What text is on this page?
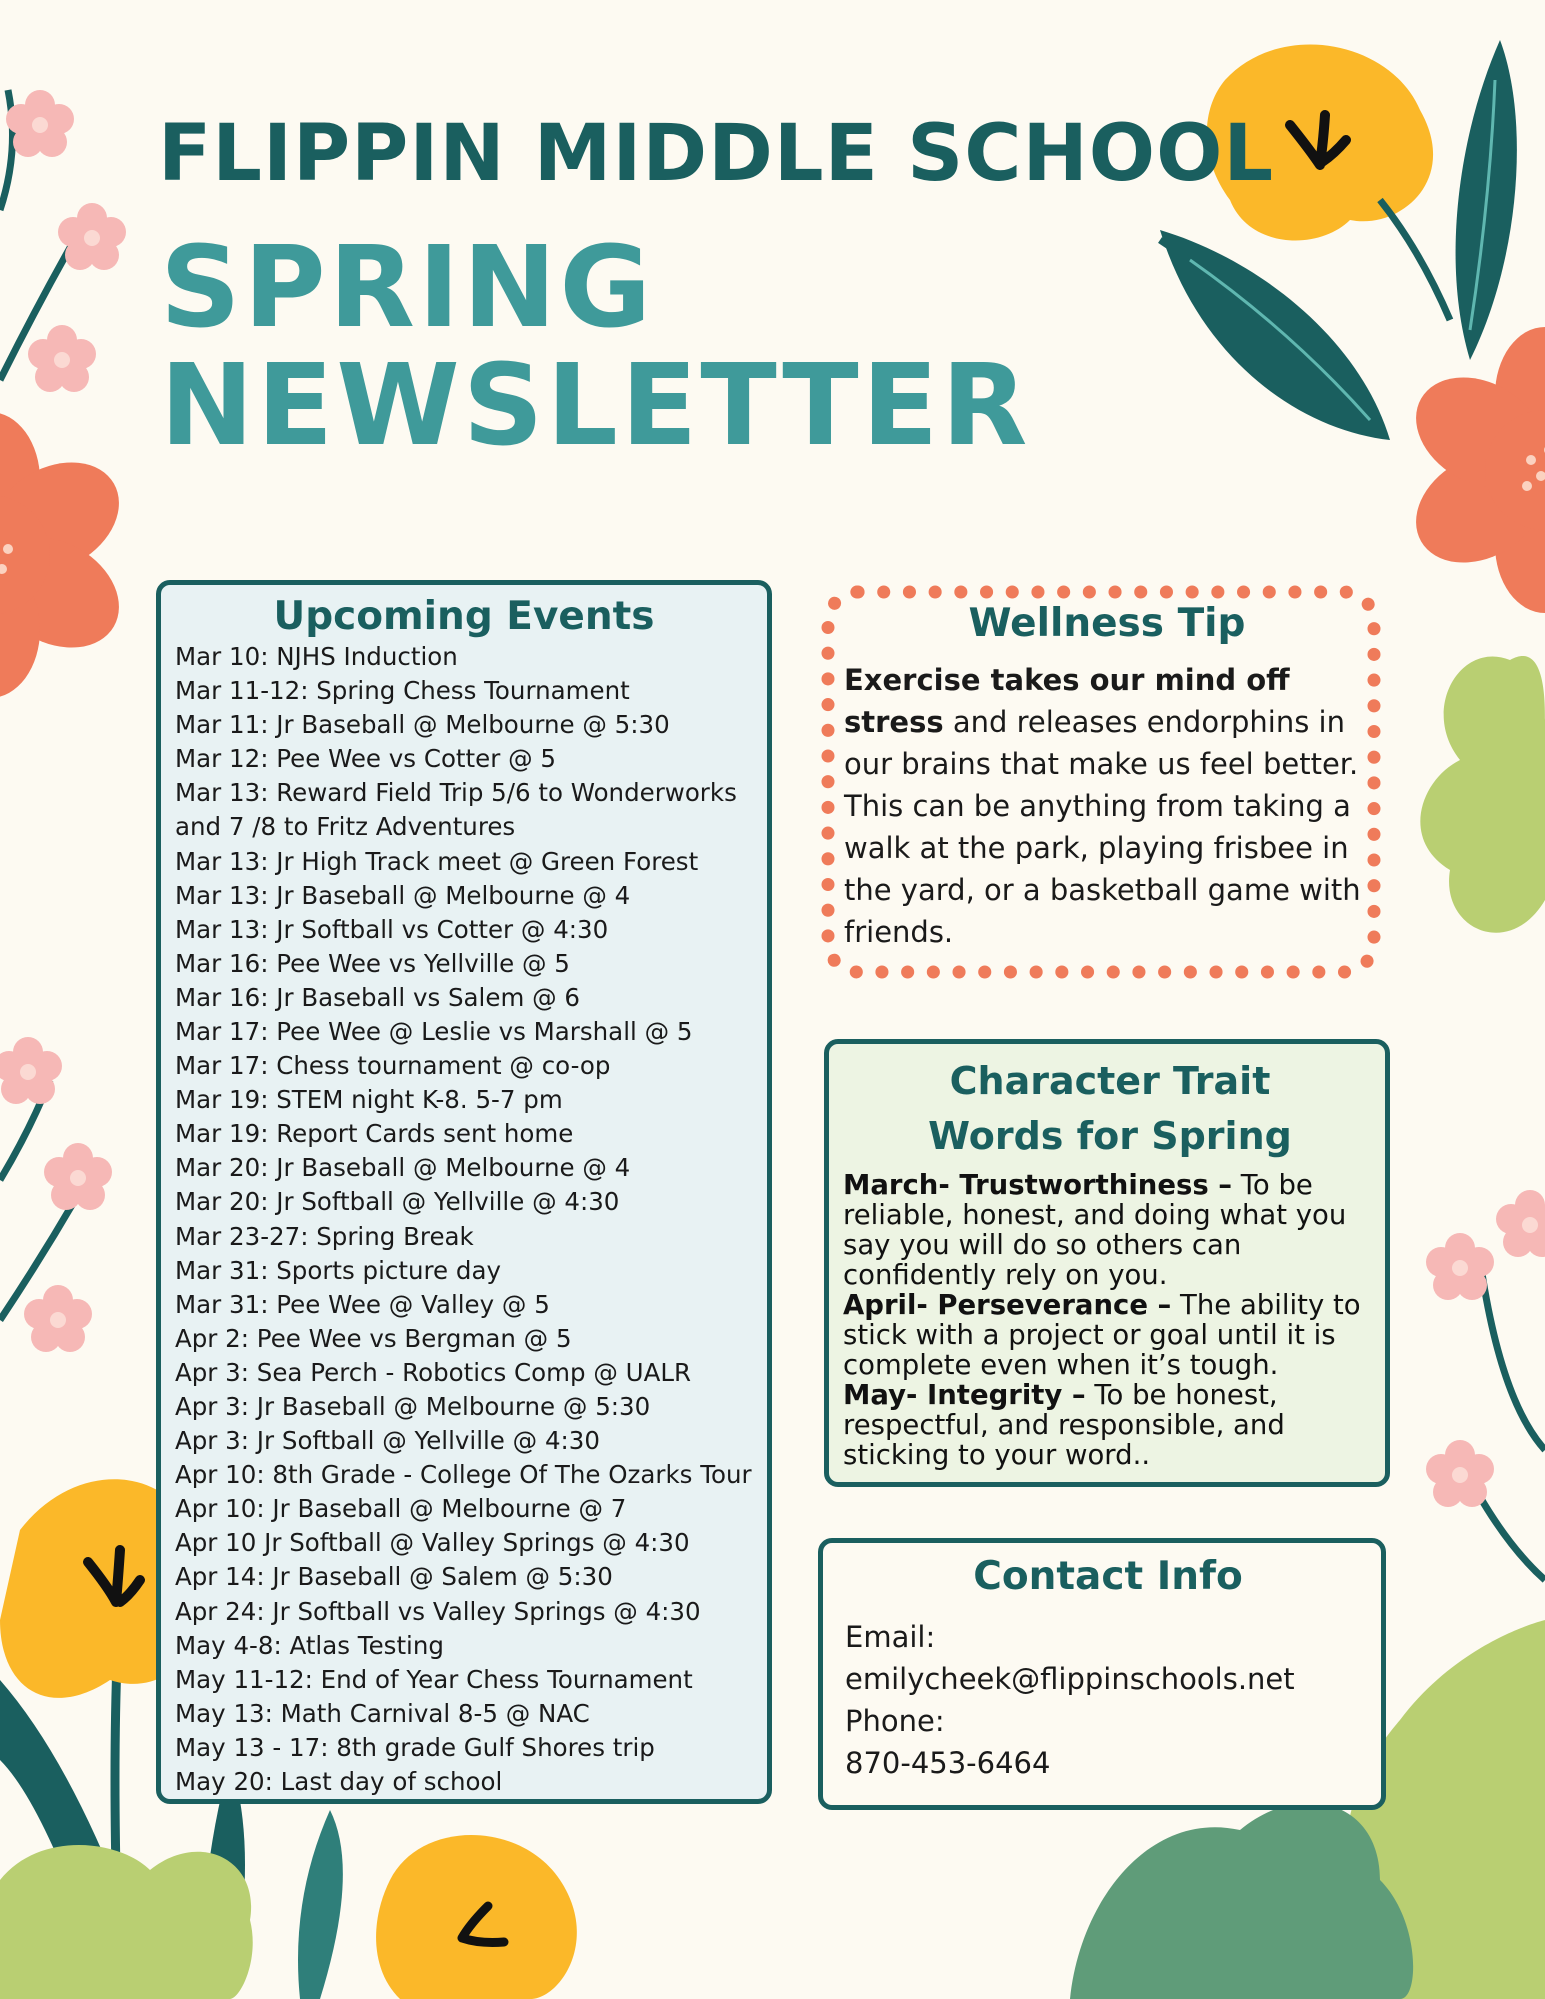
FLIPPIN MIDDLE SCHOOL
SPRING
NEWSLETTER
Upcoming Events
Mar 10: NJHS Induction
Mar 11-12: Spring Chess Tournament
Mar 11: Jr Baseball @ Melbourne @ 5:30
Mar 12: Pee Wee vs Cotter @ 5
Mar 13: Reward Field Trip 5/6 to Wonderworks and 7 /8 to Fritz Adventures
Mar 13: Jr High Track meet @ Green Forest
Mar 13: Jr Baseball @ Melbourne @ 4
Mar 13: Jr Softball vs Cotter @ 4:30
Mar 16: Pee Wee vs Yellville @ 5
Mar 16: Jr Baseball vs Salem @ 6
Mar 17: Pee Wee @ Leslie vs Marshall @ 5
Mar 17: Chess tournament @ co-op
Mar 19: STEM night K-8. 5-7 pm
Mar 19: Report Cards sent home
Mar 20: Jr Baseball @ Melbourne @ 4
Mar 20: Jr Softball @ Yellville @ 4:30
Mar 23-27: Spring Break
Mar 31: Sports picture day
Mar 31: Pee Wee @ Valley @ 5
Apr 2: Pee Wee vs Bergman @ 5
Apr 3: Sea Perch - Robotics Comp @ UALR
Apr 3: Jr Baseball @ Melbourne @ 5:30
Apr 3: Jr Softball @ Yellville @ 4:30
Apr 10: 8th Grade - College Of The Ozarks Tour
Apr 10: Jr Baseball @ Melbourne @ 7
Apr 10 Jr Softball @ Valley Springs @ 4:30
Apr 14: Jr Baseball @ Salem @ 5:30
Apr 24: Jr Softball vs Valley Springs @ 4:30
May 4-8: Atlas Testing
May 11-12: End of Year Chess Tournament
May 13: Math Carnival 8-5 @ NAC
May 13 - 17: 8th grade Gulf Shores trip
May 20: Last day of school
Wellness Tip

Exercise takes our mind off stress and releases endorphins in our brains that make us feel better. This can be anything from taking a walk at the park, playing frisbee in the yard, or a basketball game with friends.

Character Trait
Words for Spring

March- Trustworthiness – To be reliable, honest, and doing what you say you will do so others can confidently rely on you.

April- Perseverance – The ability to stick with a project or goal until it is complete even when it’s tough.

May- Integrity – To be honest, respectful, and responsible, and sticking to your word..

Contact Info
Email:
emilycheek@flippinschools.net
Phone:
870-453-6464
